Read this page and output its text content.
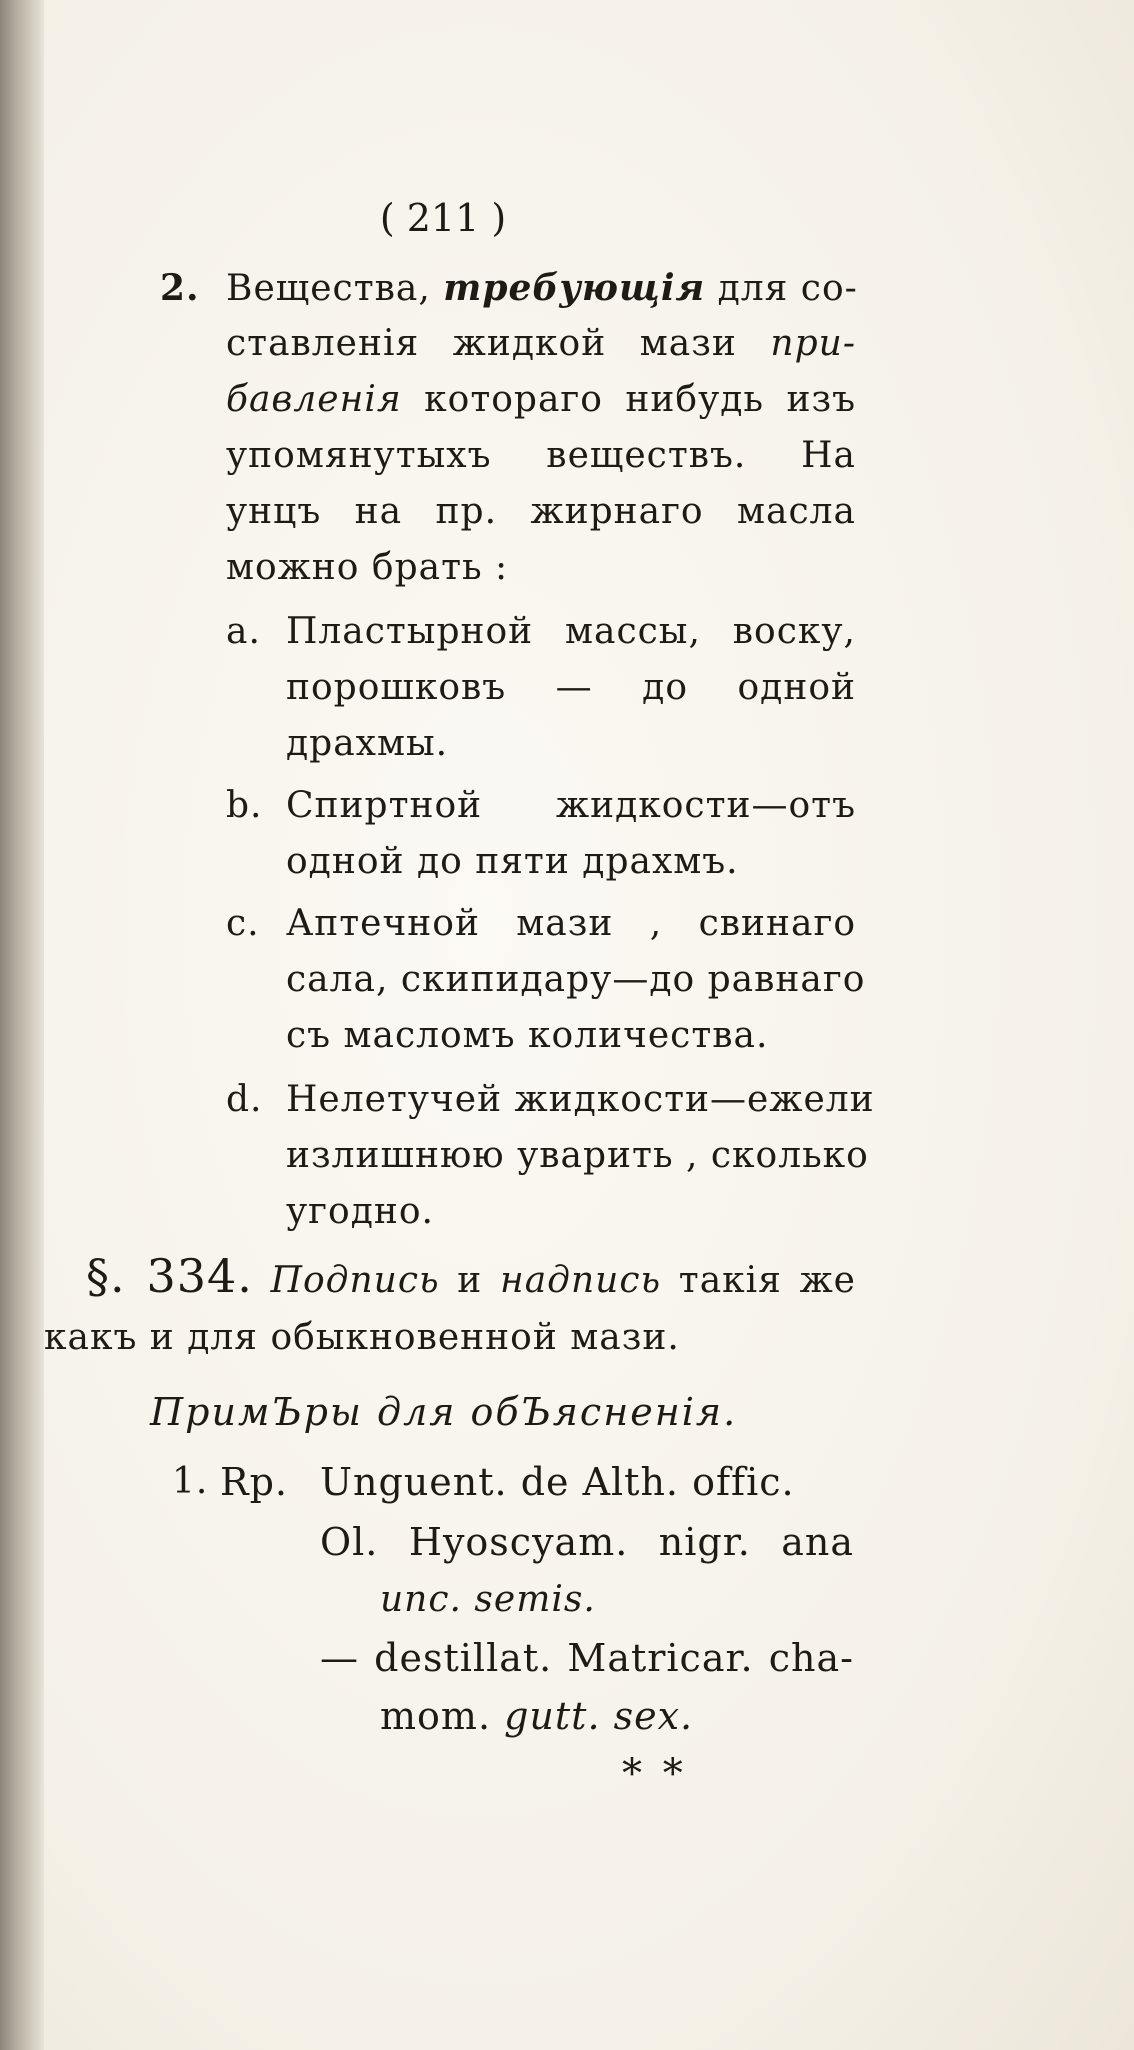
( 211 )
2. Вещества, требующія для со-
ставленія жидкой мази при-
бавленія котораго нибудь изъ
упомянутыхъ веществъ. На
унцъ на пр. жирнаго масла
можно брать :
a. Пластырной массы, воску,
порошковъ — до одной
драхмы.
b. Спиртной жидкости—отъ
одной до пяти драхмъ.
c. Аптечной мази , свинаго
сала, скипидару—до равнаго
съ масломъ количества.
d. Нелетучей жидкости—ежели
излишнюю уварить , сколько
угодно.
§. 334. Подпись и надпись такія же
какъ и для обыкновенной мази.
ПримЪры для обЪясненія.
1. Rp. Unguent. de Alth. offic.
Ol. Hyoscyam. nigr. ana
unc. semis.
— destillat. Matricar. cha-
mom. gutt. sex.
* *
